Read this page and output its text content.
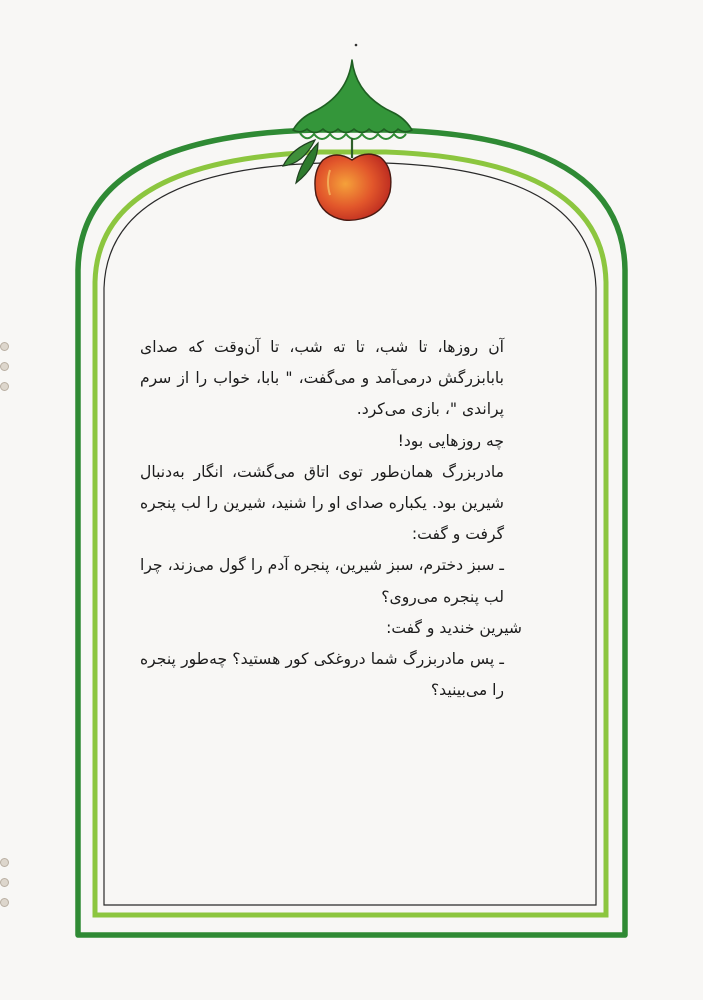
آن روزها، تا شب، تا ته شب، تا آن‌وقت که صدای بابابزرگش درمی‌آمد و می‌گفت، " بابا، خواب را از سرم پراندی "، بازی می‌کرد.

چه روزهایی بود!

مادربزرگ همان‌طور توی اتاق می‌گشت، انگار به‌دنبال شیرین بود. یکباره صدای او را شنید، شیرین را لب پنجره گرفت و گفت:

ـ سبز دخترم، سبز شیرین، پنجره آدم را گول می‌زند، چرا لب پنجره می‌روی؟

شیرین خندید و گفت:

ـ پس مادربزرگ شما دروغکی کور هستید؟ چه‌طور پنجره را می‌بینید؟
